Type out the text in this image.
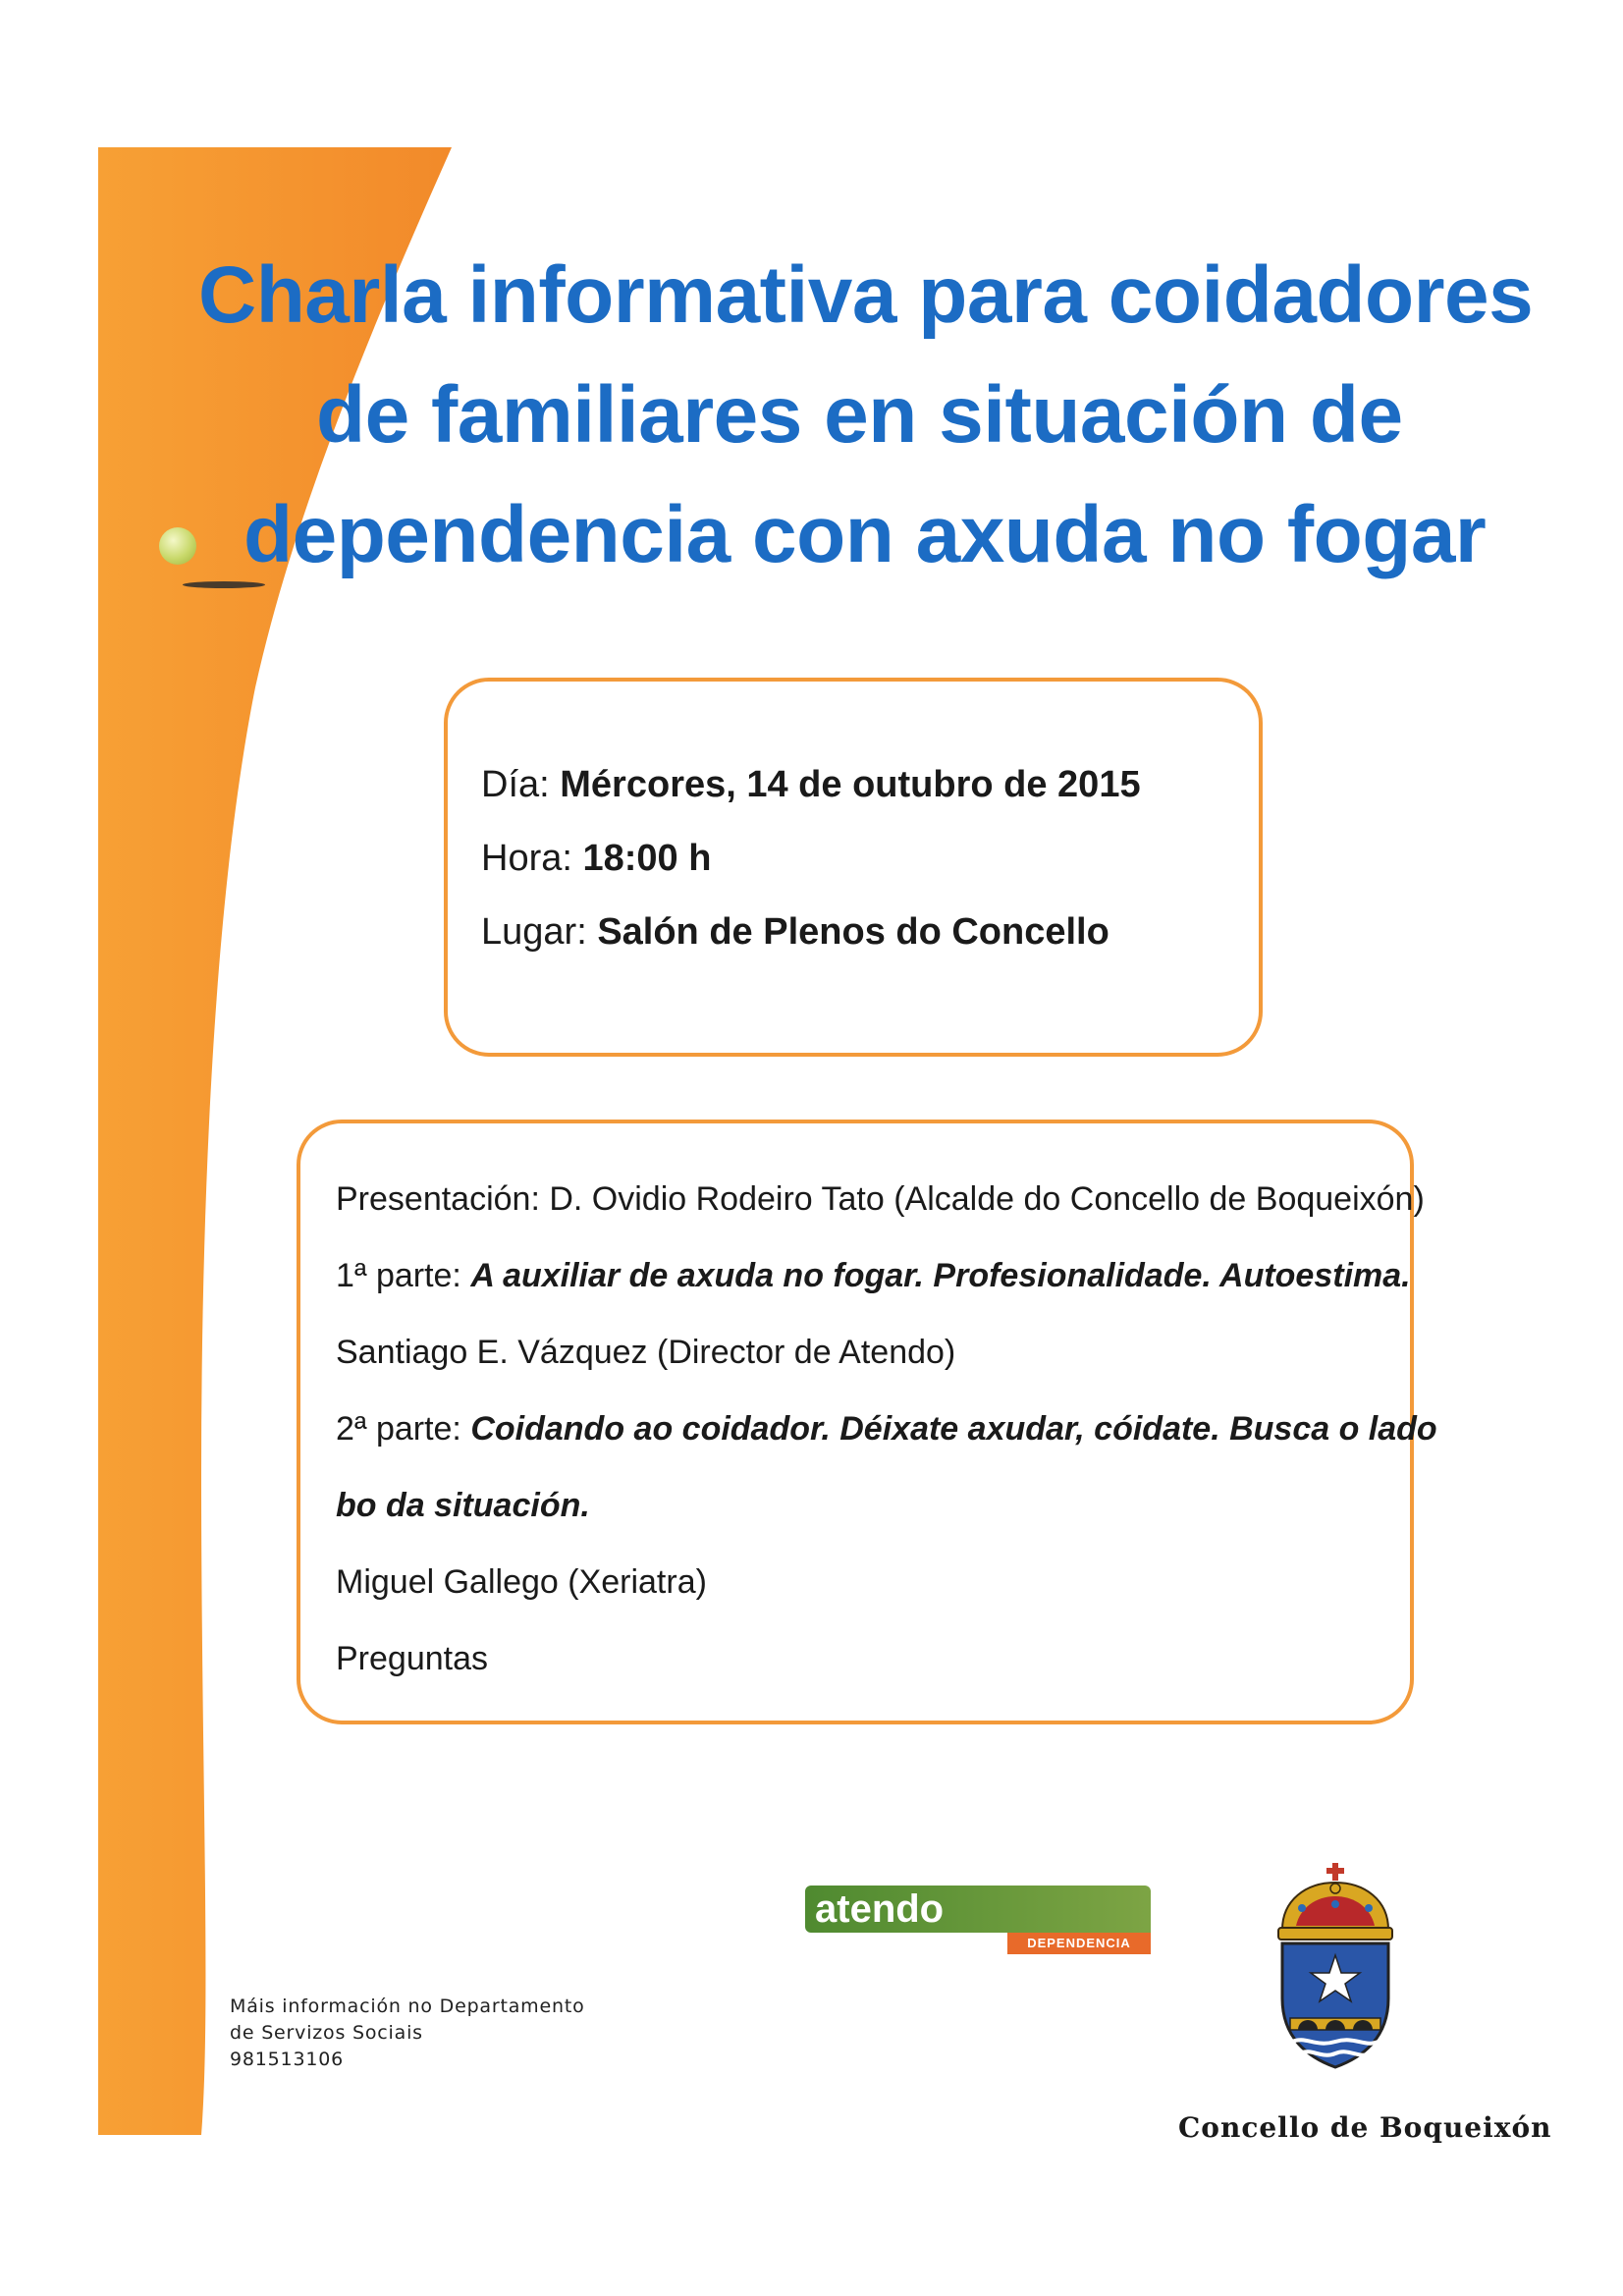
Charla informativa para coidadores
de familiares en situación de
dependencia con axuda no fogar
Día: Mércores, 14 de outubro de 2015
Hora: 18:00 h
Lugar: Salón de Plenos do Concello
Presentación: D. Ovidio Rodeiro Tato (Alcalde do Concello de Boqueixón)
1ª parte: A auxiliar de axuda no fogar. Profesionalidade. Autoestima.
Santiago E. Vázquez (Director de Atendo)
2ª parte: Coidando ao coidador. Déixate axudar, cóidate. Busca o lado
bo da situación.
Miguel Gallego (Xeriatra)
Preguntas
atendo
DEPENDENCIA
Máis información no Departamento
de Servizos Sociais
981513106
Concello de Boqueixón
